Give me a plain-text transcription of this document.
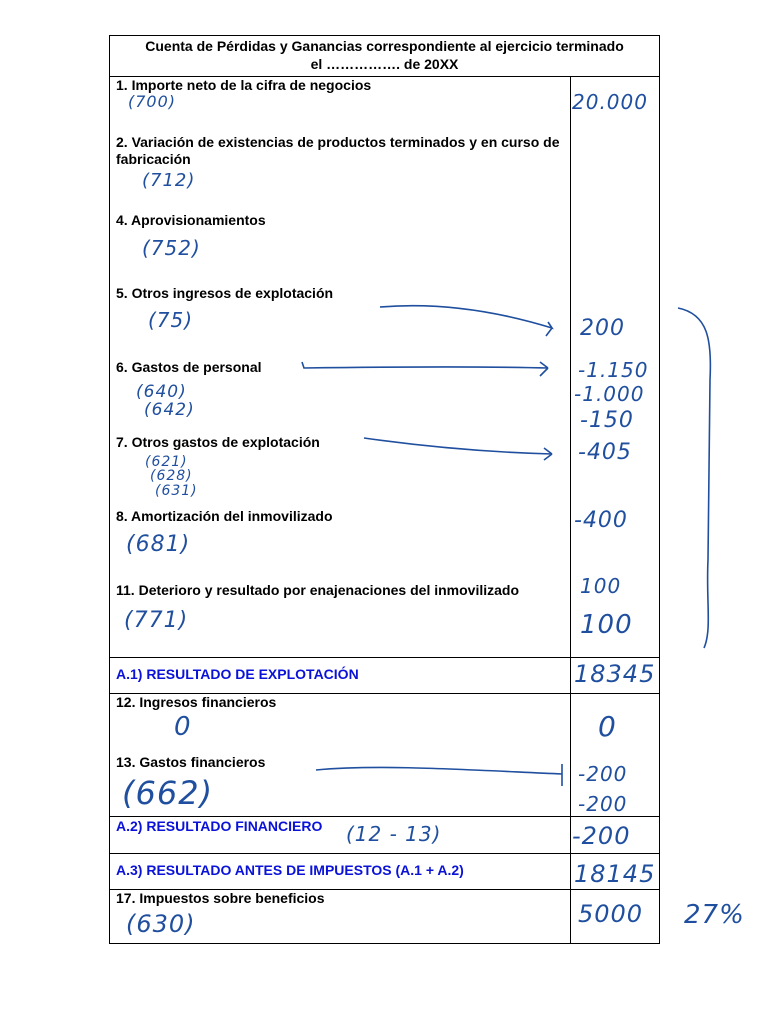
Cuenta de Pérdidas y Ganancias correspondiente al ejercicio terminado
el ……………. de 20XX
1. Importe neto de la cifra de negocios
2. Variación de existencias de productos terminados y en curso de fabricación
4. Aprovisionamientos
5. Otros ingresos de explotación
6. Gastos de personal
7. Otros gastos de explotación
8. Amortización del inmovilizado
11. Deterioro y resultado por enajenaciones del inmovilizado
A.1) RESULTADO DE EXPLOTACIÓN
12. Ingresos financieros
13. Gastos financieros
A.2) RESULTADO FINANCIERO
A.3) RESULTADO ANTES DE IMPUESTOS (A.1 + A.2)
17. Impuestos sobre beneficios
(700)
(712)
(752)
(75)
(640)
(642)
(621)
(628)
(631)
(681)
(771)
0
(662)
(12 - 13)
(630)
20.000
200
-1.150
-1.000
-150
-405
-400
100
100
18345
0
-200
-200
-200
18145
5000 27%
